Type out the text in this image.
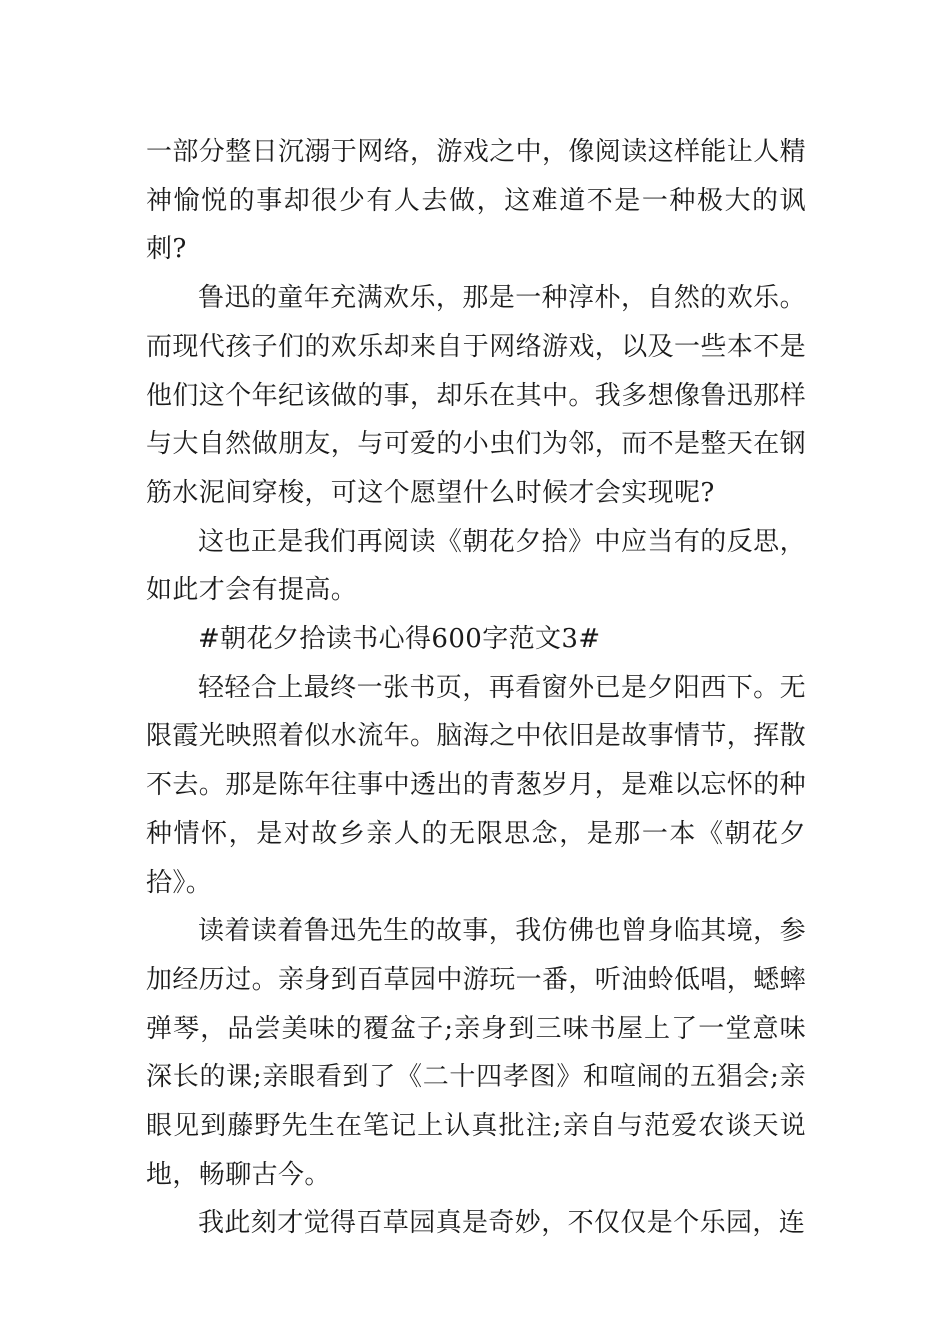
一部分整日沉溺于网络，游戏之中，像阅读这样能让人精神愉悦的事却很少有人去做，这难道不是一种极大的讽刺?

鲁迅的童年充满欢乐，那是一种淳朴，自然的欢乐。而现代孩子们的欢乐却来自于网络游戏，以及一些本不是他们这个年纪该做的事，却乐在其中。我多想像鲁迅那样与大自然做朋友，与可爱的小虫们为邻，而不是整天在钢筋水泥间穿梭，可这个愿望什么时候才会实现呢?

这也正是我们再阅读《朝花夕拾》中应当有的反思，如此才会有提高。

#朝花夕拾读书心得600字范文3#

轻轻合上最终一张书页，再看窗外已是夕阳西下。无限霞光映照着似水流年。脑海之中依旧是故事情节，挥散不去。那是陈年往事中透出的青葱岁月，是难以忘怀的种种情怀，是对故乡亲人的无限思念，是那一本《朝花夕拾》。

读着读着鲁迅先生的故事，我仿佛也曾身临其境，参加经历过。亲身到百草园中游玩一番，听油蛉低唱，蟋蟀弹琴，品尝美味的覆盆子;亲身到三味书屋上了一堂意味深长的课;亲眼看到了《二十四孝图》和喧闹的五猖会;亲眼见到藤野先生在笔记上认真批注;亲自与范爱农谈天说地，畅聊古今。

我此刻才觉得百草园真是奇妙，不仅仅是个乐园，连
